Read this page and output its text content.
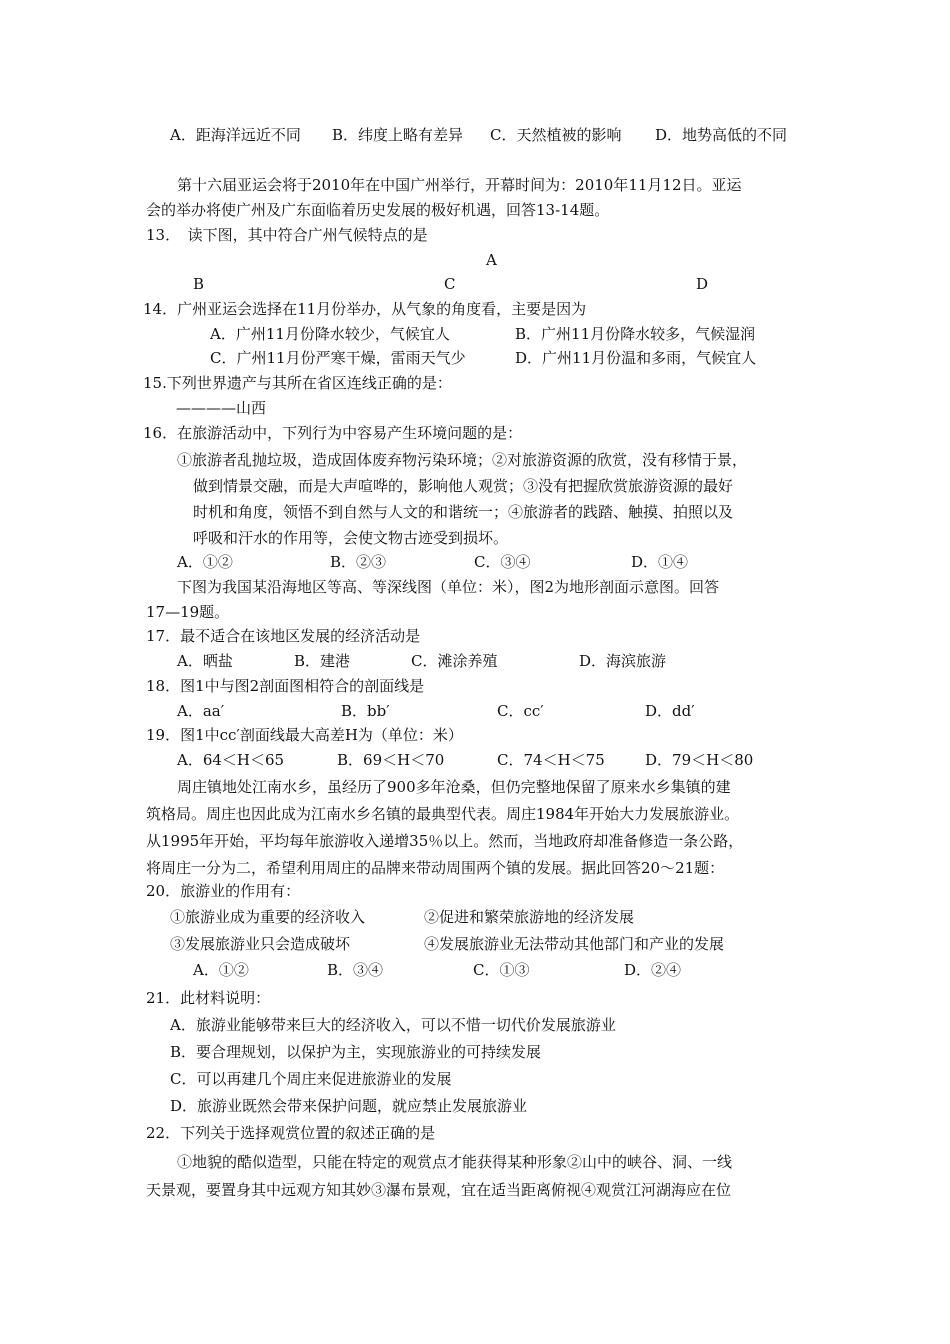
A．距海洋远近不同 B．纬度上略有差异 C．天然植被的影响 D．地势高低的不同
第十六届亚运会将于2010年在中国广州举行，开幕时间为：2010年11月12日。亚运
会的举办将使广州及广东面临着历史发展的极好机遇，回答13-14题。
13．　读下图，其中符合广州气候特点的是
A
B	C	D
14．广州亚运会选择在11月份举办，从气象的角度看，主要是因为
A．广州11月份降水较少，气候宜人	B．广州11月份降水较多，气候湿润
C．广州11月份严寒干燥，雷雨天气少	D．广州11月份温和多雨，气候宜人
15.下列世界遗产与其所在省区连线正确的是：
————山西
16．在旅游活动中，下列行为中容易产生环境问题的是：
①旅游者乱抛垃圾，造成固体废弃物污染环境；②对旅游资源的欣赏，没有移情于景，
做到情景交融，而是大声喧哗的，影响他人观赏；③没有把握欣赏旅游资源的最好
时机和角度，领悟不到自然与人文的和谐统一；④旅游者的践踏、触摸、拍照以及
呼吸和汗水的作用等，会使文物古迹受到损坏。
A．①②	B．②③	C．③④	D．①④
下图为我国某沿海地区等高、等深线图（单位：米），图2为地形剖面示意图。回答
17—19题。
17．最不适合在该地区发展的经济活动是
A．晒盐	B．建港	C．滩涂养殖	D．海滨旅游
18．图1中与图2剖面图相符合的剖面线是
A．aa′	B．bb′	C．cc′	D．dd′
19．图1中cc′剖面线最大高差H为（单位：米）
A．64＜H＜65	B．69＜H＜70	C．74＜H＜75	D．79＜H＜80
周庄镇地处江南水乡，虽经历了900多年沧桑，但仍完整地保留了原来水乡集镇的建
筑格局。周庄也因此成为江南水乡名镇的最典型代表。周庄1984年开始大力发展旅游业。
从1995年开始，平均每年旅游收入递增35％以上。然而，当地政府却准备修造一条公路，
将周庄一分为二，希望利用周庄的品牌来带动周围两个镇的发展。据此回答20～21题：
20．旅游业的作用有：
①旅游业成为重要的经济收入	②促进和繁荣旅游地的经济发展
③发展旅游业只会造成破坏	④发展旅游业无法带动其他部门和产业的发展
A．①②	B．③④	C．①③	D．②④
21．此材料说明：
A．旅游业能够带来巨大的经济收入，可以不惜一切代价发展旅游业
B．要合理规划，以保护为主，实现旅游业的可持续发展
C．可以再建几个周庄来促进旅游业的发展
D．旅游业既然会带来保护问题，就应禁止发展旅游业
22．下列关于选择观赏位置的叙述正确的是
①地貌的酷似造型，只能在特定的观赏点才能获得某种形象②山中的峡谷、洞、一线
天景观，要置身其中远观方知其妙③瀑布景观，宜在适当距离俯视④观赏江河湖海应在位
